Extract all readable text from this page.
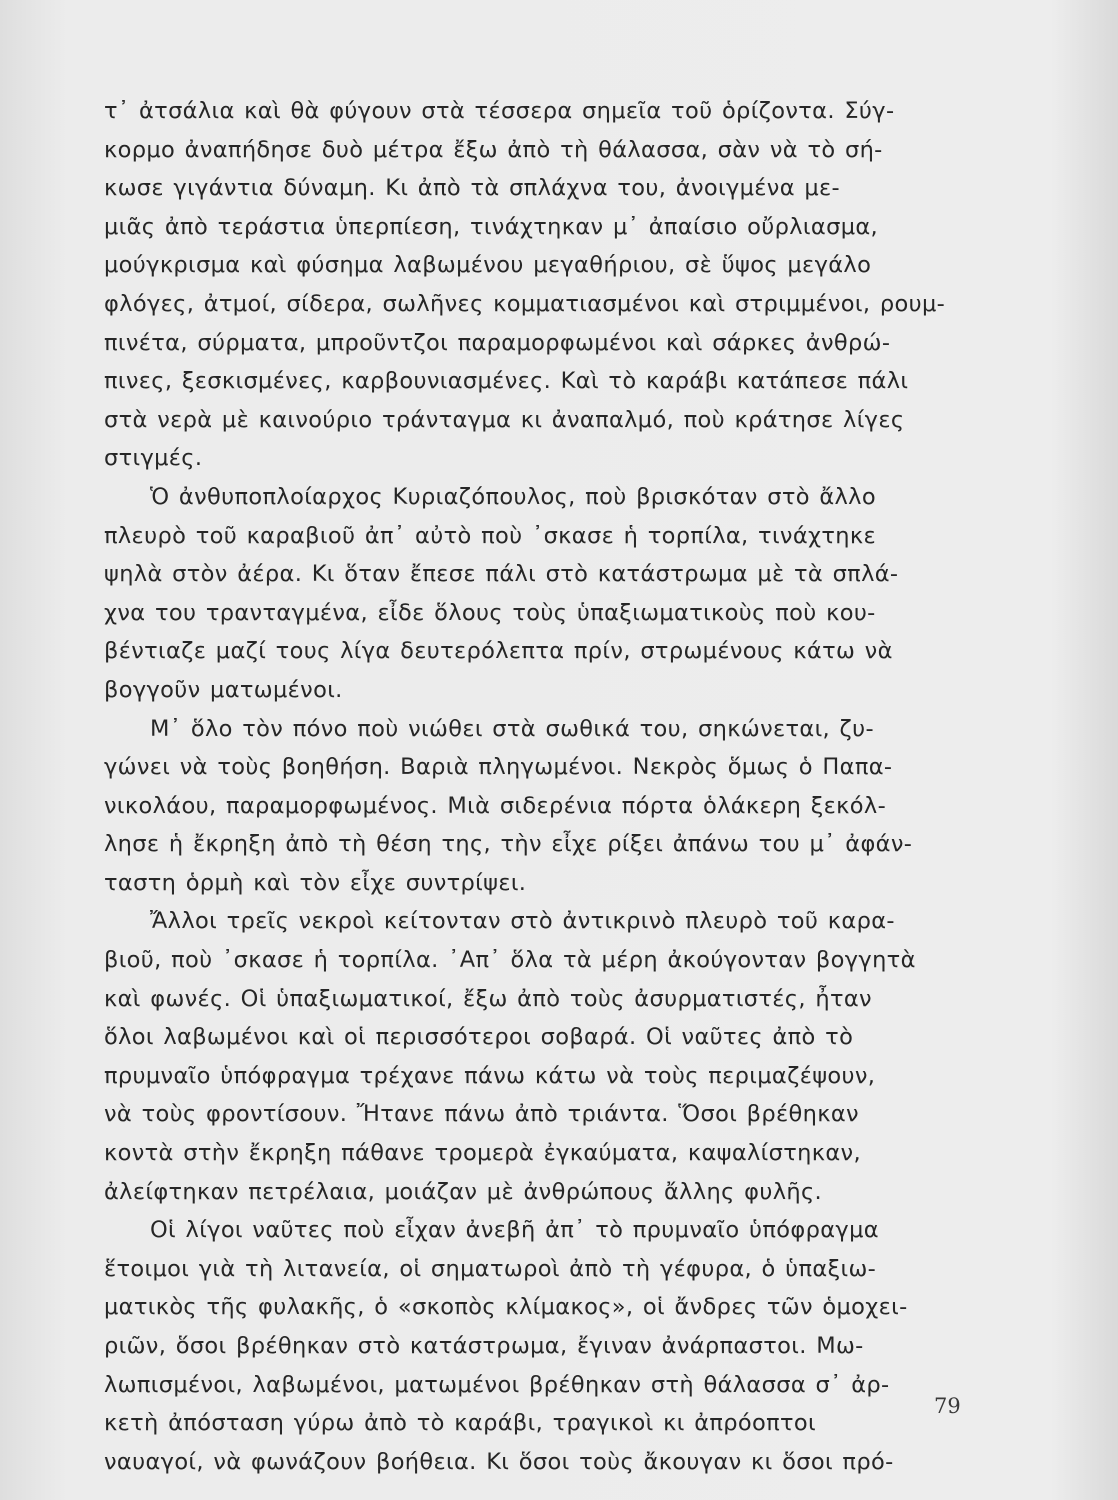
τ᾽ ἀτσάλια καὶ θὰ φύγουν στὰ τέσσερα σημεῖα τοῦ ὁρίζοντα. Σύγ-
κορμο ἀναπήδησε δυὸ μέτρα ἔξω ἀπὸ τὴ θάλασσα, σὰν νὰ τὸ σή-
κωσε γιγάντια δύναμη. Κι ἀπὸ τὰ σπλάχνα του, ἀνοιγμένα με-
μιᾶς ἀπὸ τεράστια ὑπερπίεση, τινάχτηκαν μ᾽ ἀπαίσιο οὔρλιασμα,
μούγκρισμα καὶ φύσημα λαβωμένου μεγαθήριου, σὲ ὕψος μεγάλο
φλόγες, ἀτμοί, σίδερα, σωλῆνες κομματιασμένοι καὶ στριμμένοι, ρουμ-
πινέτα, σύρματα, μπροῦντζοι παραμορφωμένοι καὶ σάρκες ἀνθρώ-
πινες, ξεσκισμένες, καρβουνιασμένες. Καὶ τὸ καράβι κατάπεσε πάλι
στὰ νερὰ μὲ καινούριο τράνταγμα κι ἀναπαλμό, ποὺ κράτησε λίγες
στιγμές.
Ὁ ἀνθυποπλοίαρχος Κυριαζόπουλος, ποὺ βρισκόταν στὸ ἄλλο
πλευρὸ τοῦ καραβιοῦ ἀπ᾽ αὐτὸ ποὺ ᾽σκασε ἡ τορπίλα, τινάχτηκε
ψηλὰ στὸν ἀέρα. Κι ὅταν ἔπεσε πάλι στὸ κατάστρωμα μὲ τὰ σπλά-
χνα του τρανταγμένα, εἶδε ὅλους τοὺς ὑπαξιωματικοὺς ποὺ κου-
βέντιαζε μαζί τους λίγα δευτερόλεπτα πρίν, στρωμένους κάτω νὰ
βογγοῦν ματωμένοι.
Μ᾽ ὅλο τὸν πόνο ποὺ νιώθει στὰ σωθικά του, σηκώνεται, ζυ-
γώνει νὰ τοὺς βοηθήση. Βαριὰ πληγωμένοι. Νεκρὸς ὅμως ὁ Παπα-
νικολάου, παραμορφωμένος. Μιὰ σιδερένια πόρτα ὁλάκερη ξεκόλ-
λησε ἡ ἔκρηξη ἀπὸ τὴ θέση της, τὴν εἶχε ρίξει ἀπάνω του μ᾽ ἀφάν-
ταστη ὁρμὴ καὶ τὸν εἶχε συντρίψει.
Ἄλλοι τρεῖς νεκροὶ κείτονταν στὸ ἀντικρινὸ πλευρὸ τοῦ καρα-
βιοῦ, ποὺ ᾽σκασε ἡ τορπίλα. ᾽Απ᾽ ὅλα τὰ μέρη ἀκούγονταν βογγητὰ
καὶ φωνές. Οἱ ὑπαξιωματικοί, ἔξω ἀπὸ τοὺς ἀσυρματιστές, ἦταν
ὅλοι λαβωμένοι καὶ οἱ περισσότεροι σοβαρά. Οἱ ναῦτες ἀπὸ τὸ
πρυμναῖο ὑπόφραγμα τρέχανε πάνω κάτω νὰ τοὺς περιμαζέψουν,
νὰ τοὺς φροντίσουν. Ἤτανε πάνω ἀπὸ τριάντα. Ὅσοι βρέθηκαν
κοντὰ στὴν ἔκρηξη πάθανε τρομερὰ ἐγκαύματα, καψαλίστηκαν,
ἀλείφτηκαν πετρέλαια, μοιάζαν μὲ ἀνθρώπους ἄλλης φυλῆς.
Οἱ λίγοι ναῦτες ποὺ εἶχαν ἀνεβῆ ἀπ᾽ τὸ πρυμναῖο ὑπόφραγμα
ἕτοιμοι γιὰ τὴ λιτανεία, οἱ σηματωροὶ ἀπὸ τὴ γέφυρα, ὁ ὑπαξιω-
ματικὸς τῆς φυλακῆς, ὁ «σκοπὸς κλίμακος», οἱ ἄνδρες τῶν ὁμοχει-
ριῶν, ὅσοι βρέθηκαν στὸ κατάστρωμα, ἔγιναν ἀνάρπαστοι. Μω-
λωπισμένοι, λαβωμένοι, ματωμένοι βρέθηκαν στὴ θάλασσα σ᾽ ἀρ-
κετὴ ἀπόσταση γύρω ἀπὸ τὸ καράβι, τραγικοὶ κι ἀπρόοπτοι
ναυαγοί, νὰ φωνάζουν βοήθεια. Κι ὅσοι τοὺς ἄκουγαν κι ὅσοι πρό-
79
